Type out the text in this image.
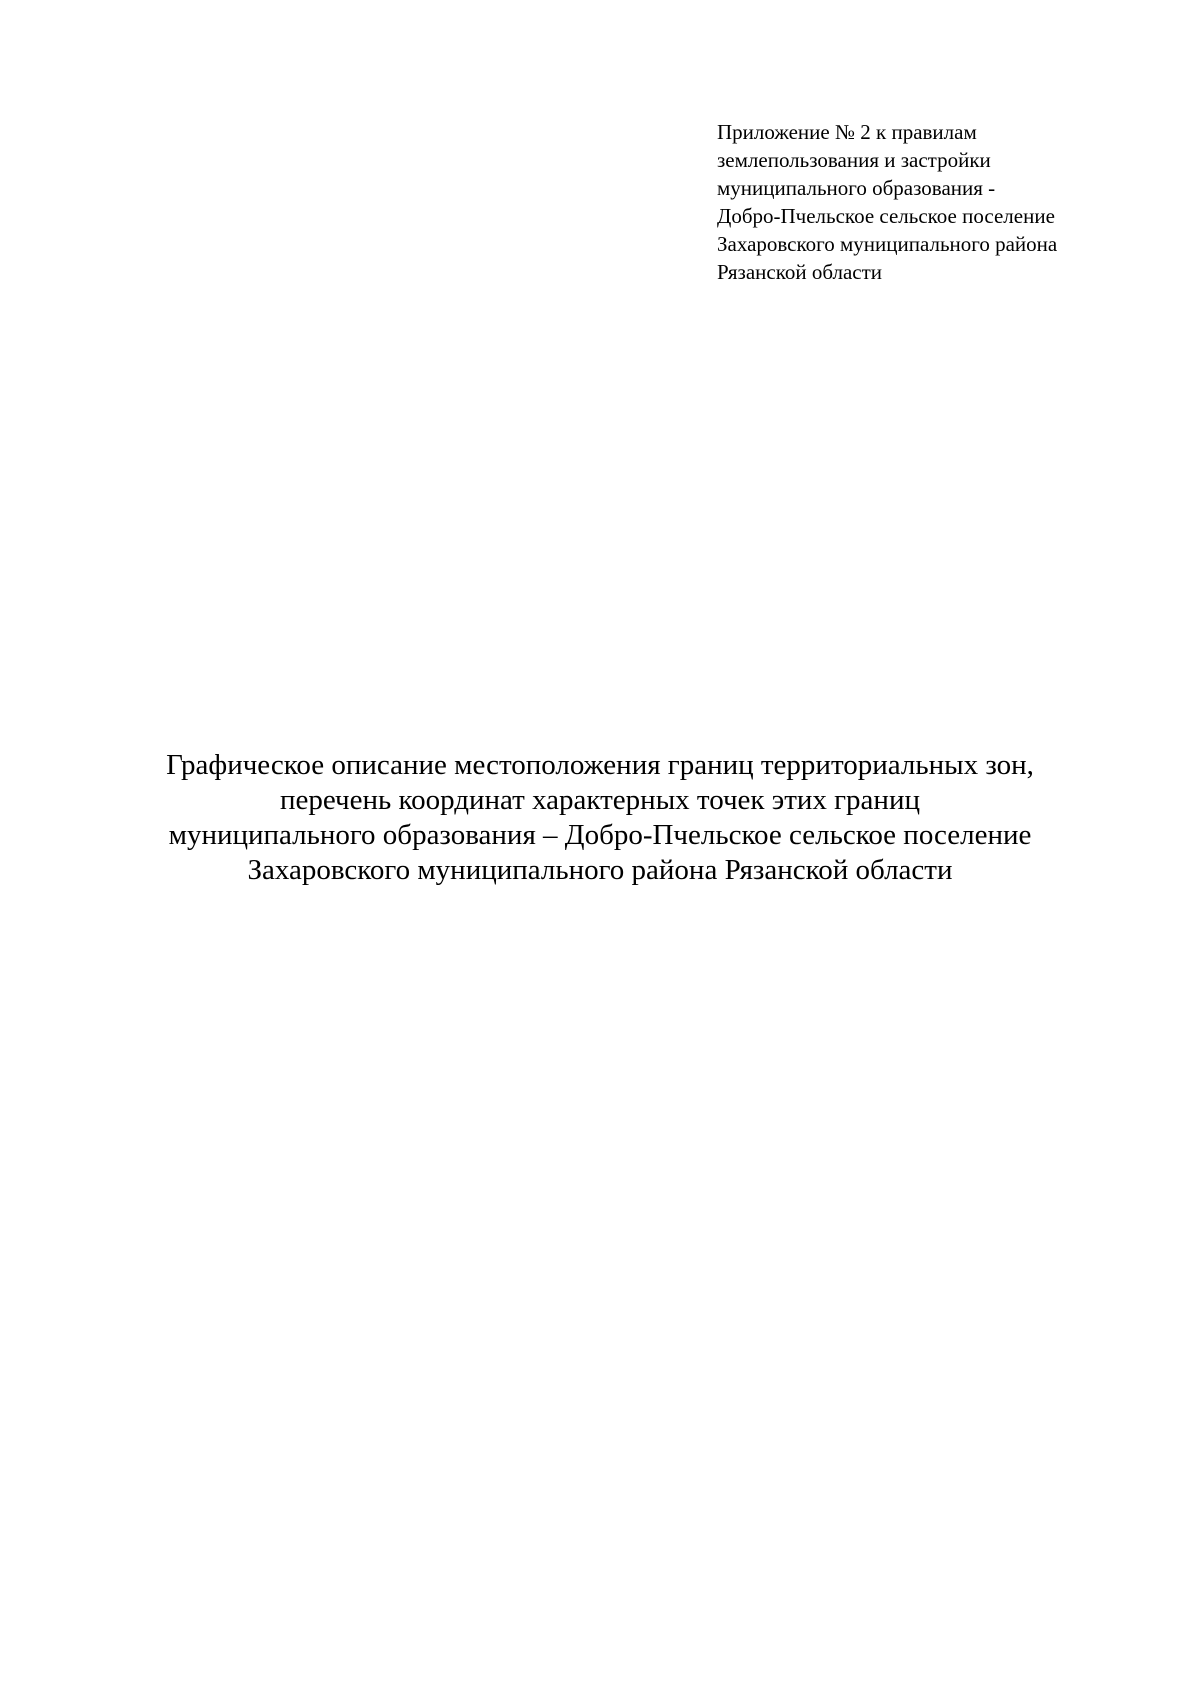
Приложение № 2 к правилам
землепользования и застройки
муниципального образования -
Добро-Пчельское сельское поселение
Захаровского муниципального района
Рязанской области
Графическое описание местоположения границ территориальных зон,
перечень координат характерных точек этих границ
муниципального образования – Добро-Пчельское сельское поселение
Захаровского муниципального района Рязанской области
